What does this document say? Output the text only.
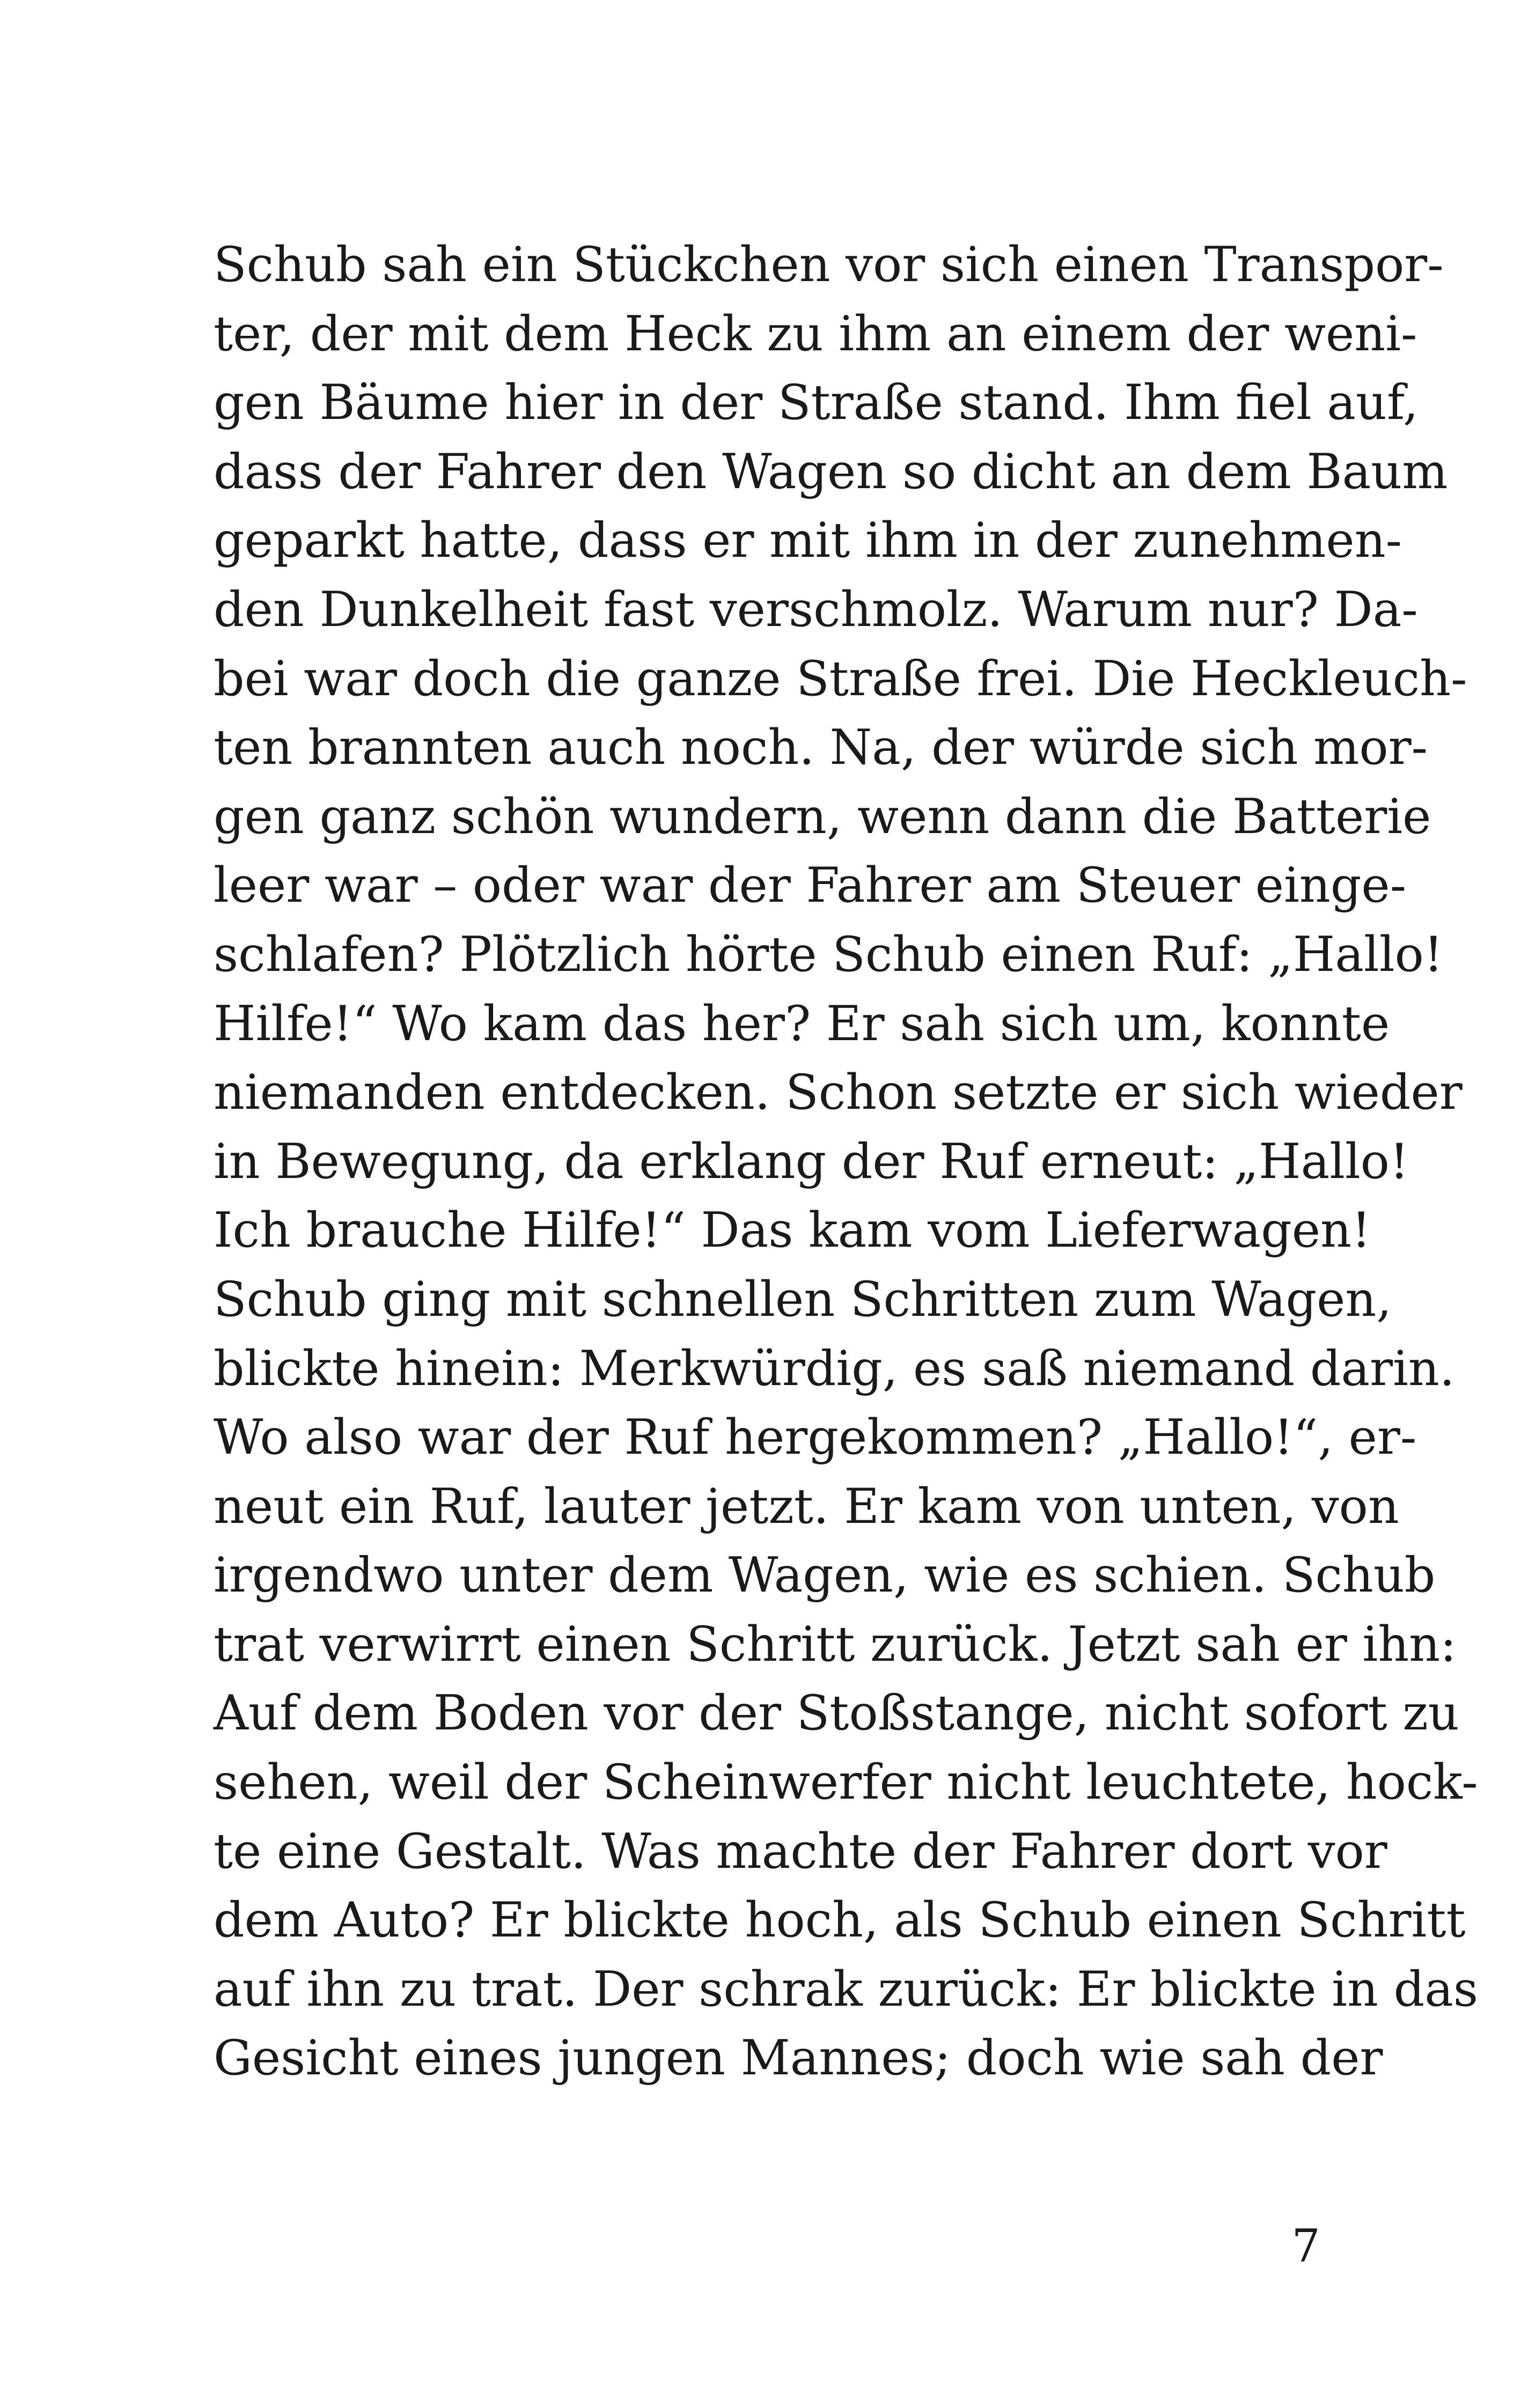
Schub sah ein Stückchen vor sich einen Transpor-
ter, der mit dem Heck zu ihm an einem der weni-
gen Bäume hier in der Straße stand. Ihm fiel auf,
dass der Fahrer den Wagen so dicht an dem Baum
geparkt hatte, dass er mit ihm in der zunehmen-
den Dunkelheit fast verschmolz. Warum nur? Da-
bei war doch die ganze Straße frei. Die Heckleuch-
ten brannten auch noch. Na, der würde sich mor-
gen ganz schön wundern, wenn dann die Batterie
leer war – oder war der Fahrer am Steuer einge-
schlafen? Plötzlich hörte Schub einen Ruf: „Hallo!
Hilfe!“ Wo kam das her? Er sah sich um, konnte
niemanden entdecken. Schon setzte er sich wieder
in Bewegung, da erklang der Ruf erneut: „Hallo!
Ich brauche Hilfe!“ Das kam vom Lieferwagen!
Schub ging mit schnellen Schritten zum Wagen,
blickte hinein: Merkwürdig, es saß niemand darin.
Wo also war der Ruf hergekommen? „Hallo!“, er-
neut ein Ruf, lauter jetzt. Er kam von unten, von
irgendwo unter dem Wagen, wie es schien. Schub
trat verwirrt einen Schritt zurück. Jetzt sah er ihn:
Auf dem Boden vor der Stoßstange, nicht sofort zu
sehen, weil der Scheinwerfer nicht leuchtete, hock-
te eine Gestalt. Was machte der Fahrer dort vor
dem Auto? Er blickte hoch, als Schub einen Schritt
auf ihn zu trat. Der schrak zurück: Er blickte in das
Gesicht eines jungen Mannes; doch wie sah der
7
